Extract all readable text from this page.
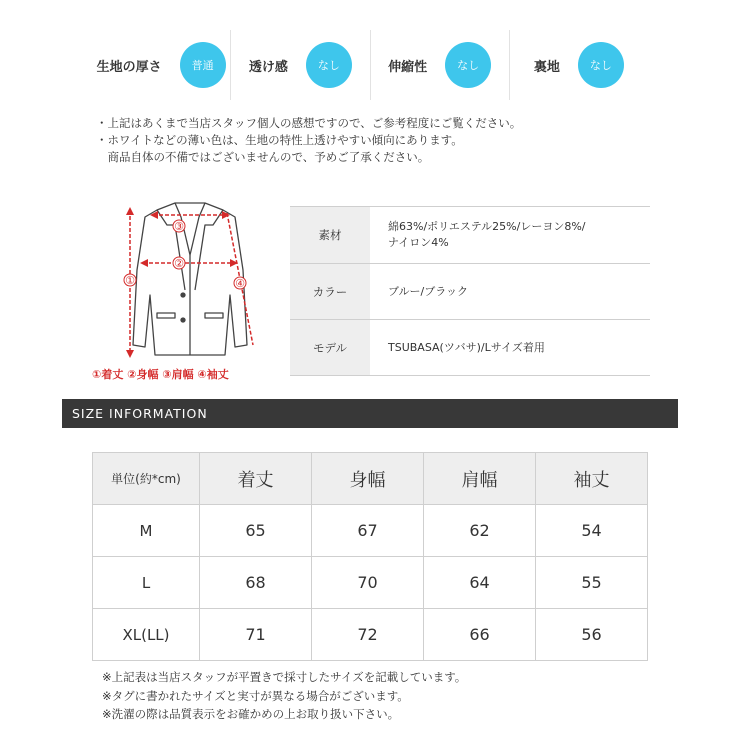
生地の厚さ	普通	透け感	なし	伸縮性	なし	裏地	なし
・上記はあくまで当店スタッフ個人の感想ですので、ご参考程度にご覧ください。
・ホワイトなどの薄い色は、生地の特性上透けやすい傾向にあります。
　商品自体の不備ではございませんので、予めご了承ください。
①
②
③
④
①着丈 ②身幅 ③肩幅 ④袖丈
素材
綿63%/ポリエステル25%/レーヨン8%/
ナイロン4%
カラー	ブルー/ブラック
モデル	TSUBASA(ツバサ)/Lサイズ着用
SIZE INFORMATION
単位(約*cm)	着丈	身幅	肩幅	袖丈
M	65	67	62	54
L	68	70	64	55
XL(LL)	71	72	66	56
※上記表は当店スタッフが平置きで採寸したサイズを記載しています。
※タグに書かれたサイズと実寸が異なる場合がございます。
※洗濯の際は品質表示をお確かめの上お取り扱い下さい。
